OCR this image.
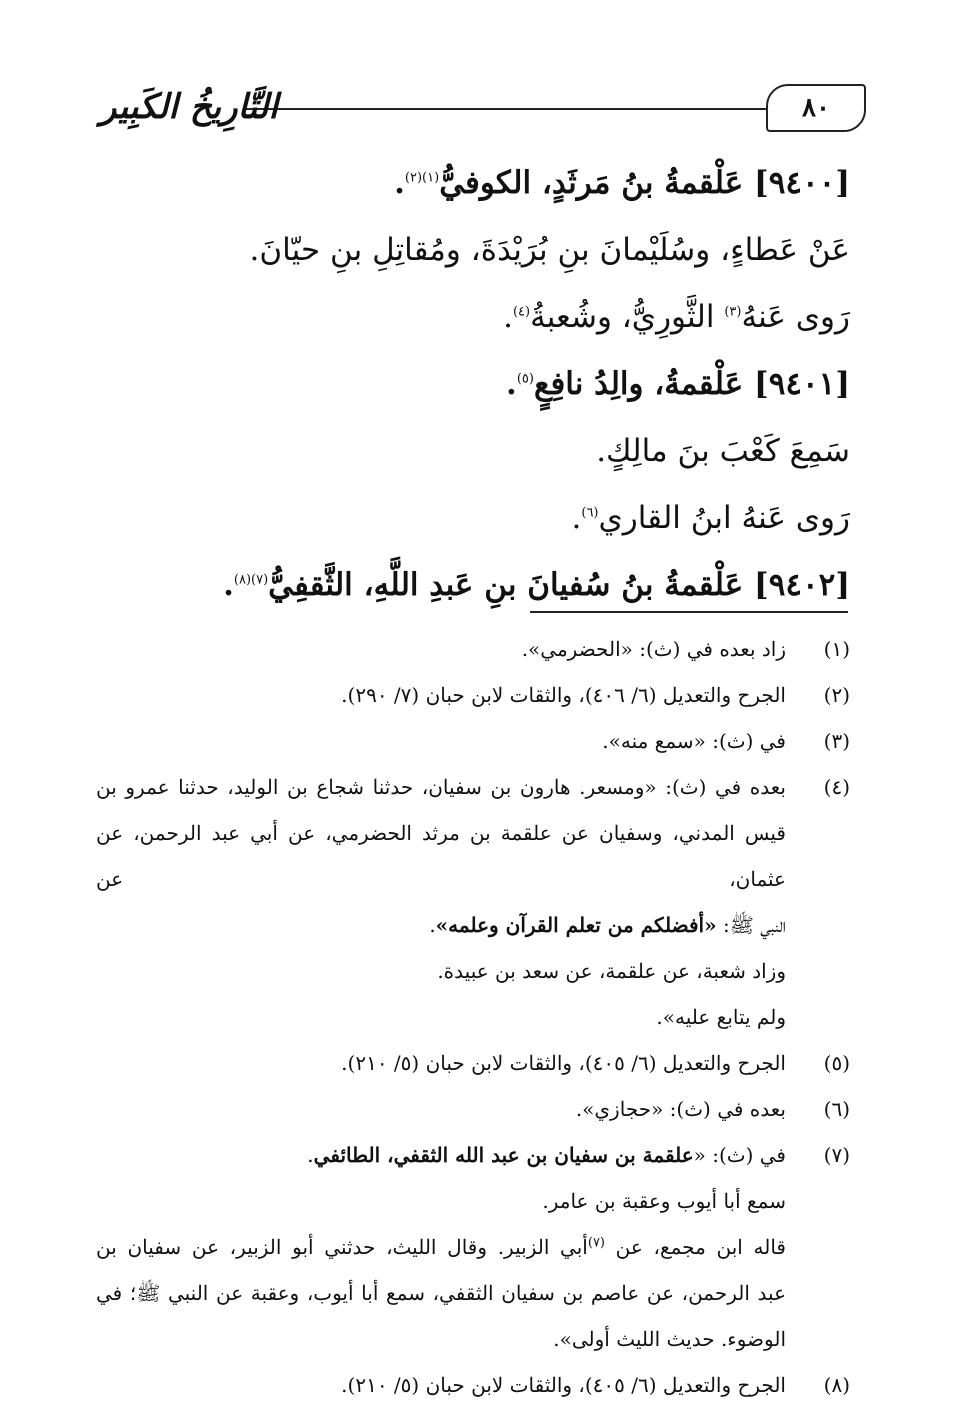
٨٠
التَّارِيخُ الكَبِير

[٩٤٠٠] عَلْقمةُ بنُ مَرثَدٍ، الكوفيُّ$^{(١)(٢)}$.

عَنْ عَطاءٍ، وسُلَيْمانَ بنِ بُرَيْدَةَ، ومُقاتِلِ بنِ حيّانَ.

رَوى عَنهُ$^{(٣)}$ الثَّورِيُّ، وشُعبةُ$^{(٤)}$.

[٩٤٠١] عَلْقمةُ، والِدُ نافِعٍ$^{(٥)}$.

سَمِعَ كَعْبَ بنَ مالِكٍ.

رَوى عَنهُ ابنُ القاري$^{(٦)}$.

[٩٤٠٢] عَلْقمةُ بنُ سُفيانَ بنِ عَبدِ اللَّهِ، الثَّقفِيُّ$^{(٧)(٨)}$.

(١)

زاد بعده في (ث): «الحضرمي».

(٢)

الجرح والتعديل (٦/ ٤٠٦)، والثقات لابن حبان (٧/ ٢٩٠).

(٣)

في (ث): «سمع منه».

(٤)

بعده في (ث): «ومسعر. هارون بن سفيان، حدثنا شجاع بن الوليد، حدثنا عمرو بن

قيس المدني، وسفيان عن علقمة بن مرثد الحضرمي، عن أبي عبد الرحمن، عن عثمان، عن

النبي ﷺ: «أفضلكم من تعلم القرآن وعلمه».

وزاد شعبة، عن علقمة، عن سعد بن عبيدة.

ولم يتابع عليه».

(٥)

الجرح والتعديل (٦/ ٤٠٥)، والثقات لابن حبان (٥/ ٢١٠).

(٦)

بعده في (ث): «حجازي».

(٧)

في (ث): «علقمة بن سفيان بن عبد الله الثقفي، الطائفي.

سمع أبا أيوب وعقبة بن عامر.

قاله ابن مجمع، عن $^{(٧)}$أبي الزبير. وقال الليث، حدثني أبو الزبير، عن سفيان بن

عبد الرحمن، عن عاصم بن سفيان الثقفي، سمع أبا أيوب، وعقبة عن النبي ﷺ؛ في

الوضوء. حديث الليث أولى».

(٨)

الجرح والتعديل (٦/ ٤٠٥)، والثقات لابن حبان (٥/ ٢١٠).
